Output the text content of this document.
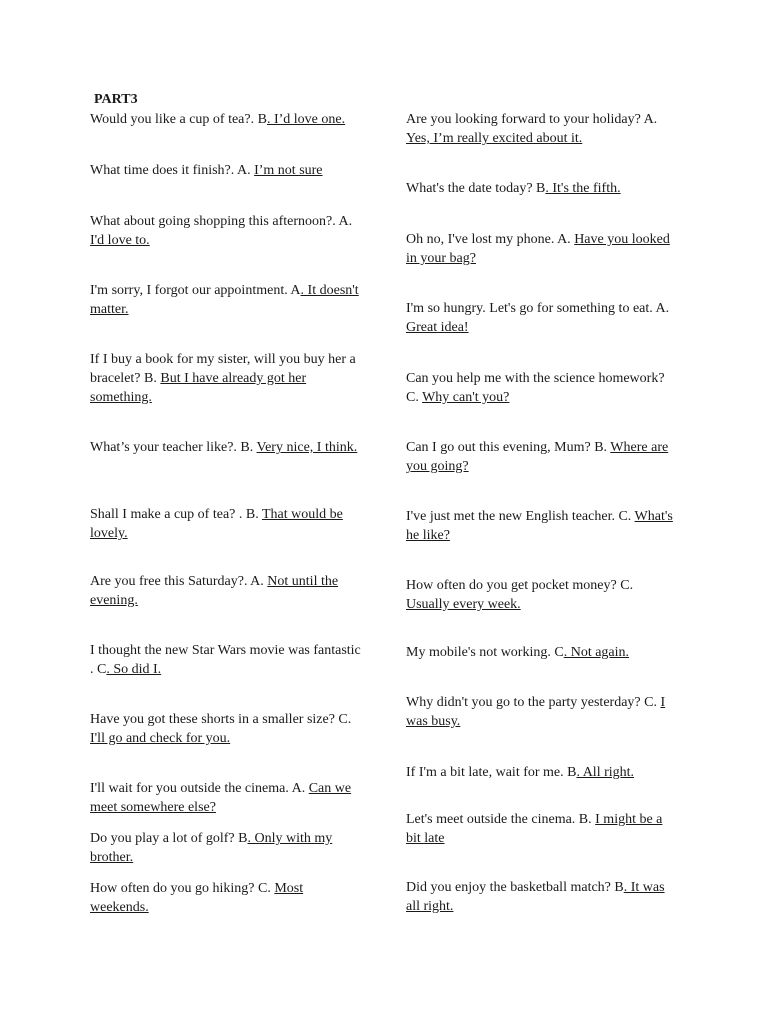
PART3
Would you like a cup of tea?. B. I’d love one.
What time does it finish?. A. I’m not sure
What about going shopping this afternoon?. A. I'd love to.
I'm sorry, I forgot our appointment. A. It doesn't matter.
If I buy a book for my sister, will you buy her a bracelet? B. But I have already got her something.
What’s your teacher like?. B. Very nice, I think.
Shall I make a cup of tea? . B. That would be lovely.
Are you free this Saturday?. A. Not until the evening.
I thought the new Star Wars movie was fantastic . C. So did I.
Have you got these shorts in a smaller size? C. I'll go and check for you.
I'll wait for you outside the cinema. A. Can we meet somewhere else?
Do you play a lot of golf? B. Only with my brother.
How often do you go hiking? C. Most weekends.
Are you looking forward to your holiday? A. Yes, I’m really excited about it.
What's the date today? B. It's the fifth.
Oh no, I've lost my phone. A. Have you looked in your bag?
I'm so hungry. Let's go for something to eat. A. Great idea!
Can you help me with the science homework? C. Why can't you?
Can I go out this evening, Mum? B. Where are you going?
I've just met the new English teacher. C. What's he like?
How often do you get pocket money? C. Usually every week.
My mobile's not working. C. Not again.
Why didn't you go to the party yesterday? C. I was busy.
If I'm a bit late, wait for me. B. All right.
Let's meet outside the cinema. B. I might be a bit late
Did you enjoy the basketball match? B. It was all right.
